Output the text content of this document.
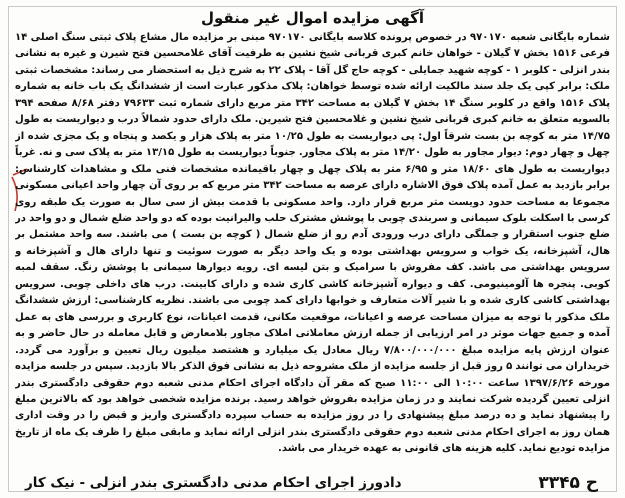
آگهی مزایده اموال غیر منقول
شماره بایگانی شعبه ۹۷۰۱۷۰ در خصوص پرونده کلاسه بایگانی ۹۷۰۱۷۰ مبنی بر مزایده مال مشاع پلاک ثبتی سنگ اصلی ۱۴ فرعی ۱۵۱۶ بخش ۷ گیلان - خواهان خانم کبری قربانی شیخ نشین به طرفیت آقای غلامحسین فتح شیرن و غیره به نشانی بندر انزلی - کلوبر ۱ - کوچه شهید جمایلی - کوچه حاج گل آقا - پلاک ۲۲ به شرح ذیل به استحضار می رساند: مشخصات ثبتی ملک: برابر کپی یک جلد سند مالکیت ارائه شده توسط خواهان: پلاک مذکور عبارت است از ششدانگ یک باب خانه به شماره پلاک ۱۵۱۶ واقع در کلوبر سنگ ۱۴ بخش ۷ گیلان به مساحت ۳۴۲ متر مربع دارای شماره ثبت ۷۹۶۳۳ دفتر ۸/۶۸ صفحه ۳۹۴ بالسویه متعلق به خانم کبری قربانی شیخ نشین و غلامحسین فتح شیرین. ملک دارای حدود شمالاً درب و دیواریست به طول ۱۴/۷۵ متر به کوچه بن بست شرقاً اول: پی دیواریست به طول ۱۰/۲۵ متر به پلاک هزار و یکصد و پنجاه و یک مجزی شده از چهل و چهار دوم: دیوار مجاور به طول ۱۴/۲۰ متر به پلاک مجاور. جنوباً دیواریست به طول ۱۳/۱۵ متر به پلاک سی و نه. غرباً دیواریست به طول های ۱۸/۶۰ متر و ۶/۹۵ متر به پلاک چهل و چهار باقیمانده مشخصات فنی ملک و مشاهدات کارشناس: برابر بازدید به عمل آمده پلاک فوق الاشاره دارای عرصه به مساحت ۳۴۲ متر مربع که بر روی آن چهار واحد اعیانی مسکونی مجموعا به مساحت حدود دویست متر مربع قرار دارد. واحد مسکونی با قدمت بیش از سی سال به صورت یک طبقه روی کرسی با اسکلت بلوک سیمانی و سربندی چوبی با پوشش مشترک حلب والیرانیت بوده که دو واحد ضلع شمال و دو واحد در ضلع جنوب استقرار و جملگی دارای درب ورودی آدم رو از ضلع شمال ( کوچه بن بست ) می باشند. سه واحد مشتمل بر هال، آشپزخانه، یک خواب و سرویس بهداشتی بوده و یک واحد دیگر به صورت سوئیت و تنها دارای هال و آشپزخانه و سرویس بهداشتی می باشد. کف مفروش با سرامیک و بتن لیسه ای. رویه دیوارها سیمانی با پوشش رنگ. سقف لمبه کوبی. پنجره ها آلومینیومی. کف و دیواره آشپزخانه کاشی کاری شده و دارای کابینت. درب های داخلی چوبی. سرویس بهداشتی کاشی کاری شده و با شیر آلات متعارف و خوابها دارای کمد چوبی می باشند. نظریه کارشناسی: ارزش ششدانگ ملک مذکور با توجه به میزان مساحت عرصه و اعیانات، موقعیت مکانی، قدمت اعیانات، نوع کاربری و بررسی های به عمل آمده و جمیع جهات موثر در امر ارزیابی از جمله ارزش معاملاتی املاک مجاور بلامعارض و قابل معامله در حال حاضر و به عنوان ارزش پایه مزایده مبلغ ۷/۸۰۰/۰۰۰/۰۰۰ ریال معادل یک میلیارد و هشتصد میلیون ریال تعیین و برآورد می گردد. خریداران می توانند ۵ روز قبل از جلسه مزایده از ملک مشروحه ذیل به نشانی فوق الذکر بالا بازدید. سپس در جلسه مزایده مورخه ۱۳۹۷/۶/۲۶ ساعت ۱۰:۰۰ الی ۱۱:۰۰ صبح که مقر آن دادگاه اجرای احکام مدنی شعبه دوم حقوقی دادگستری بندر انزلی تعیین گردیده شرکت نمایند و در زمان مزایده بفروش خواهد رسید. برنده مزایده شخصی خواهد بود که بالاترین مبلغ را پیشنهاد نماید و ده درصد مبلغ پیشنهادی را در روز مزایده به حساب سپرده دادگستری واریز و قبض را در وقت اداری همان روز به اجرای احکام مدنی شعبه دوم حقوقی دادگستری بندر انزلی ارائه نماید و مابقی مبلغ را ظرف یک ماه از تاریخ مزایده تودیع نماید. کلیه هزینه های قانونی به عهده خریدار می باشد.
ح ۳۳۴۵
دادورز اجرای احکام مدنی دادگستری بندر انزلی - نیک کار
